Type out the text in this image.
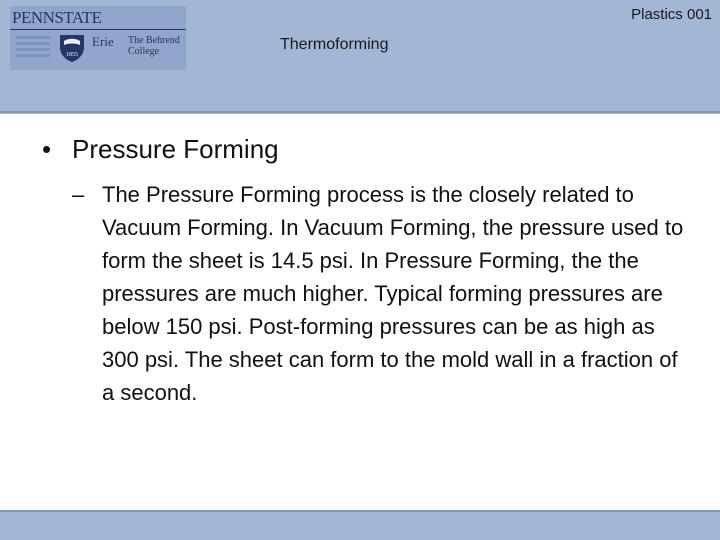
PENNSTATE
1855
Erie The Behrend
College
Plastics 001
Thermoforming
• Pressure Forming
– The Pressure Forming process is the closely related to Vacuum Forming. In Vacuum Forming, the pressure used to form the sheet is 14.5 psi. In Pressure Forming, the the pressures are much higher. Typical forming pressures are below 150 psi. Post-forming pressures can be as high as 300 psi. The sheet can form to the mold wall in a fraction of a second.
